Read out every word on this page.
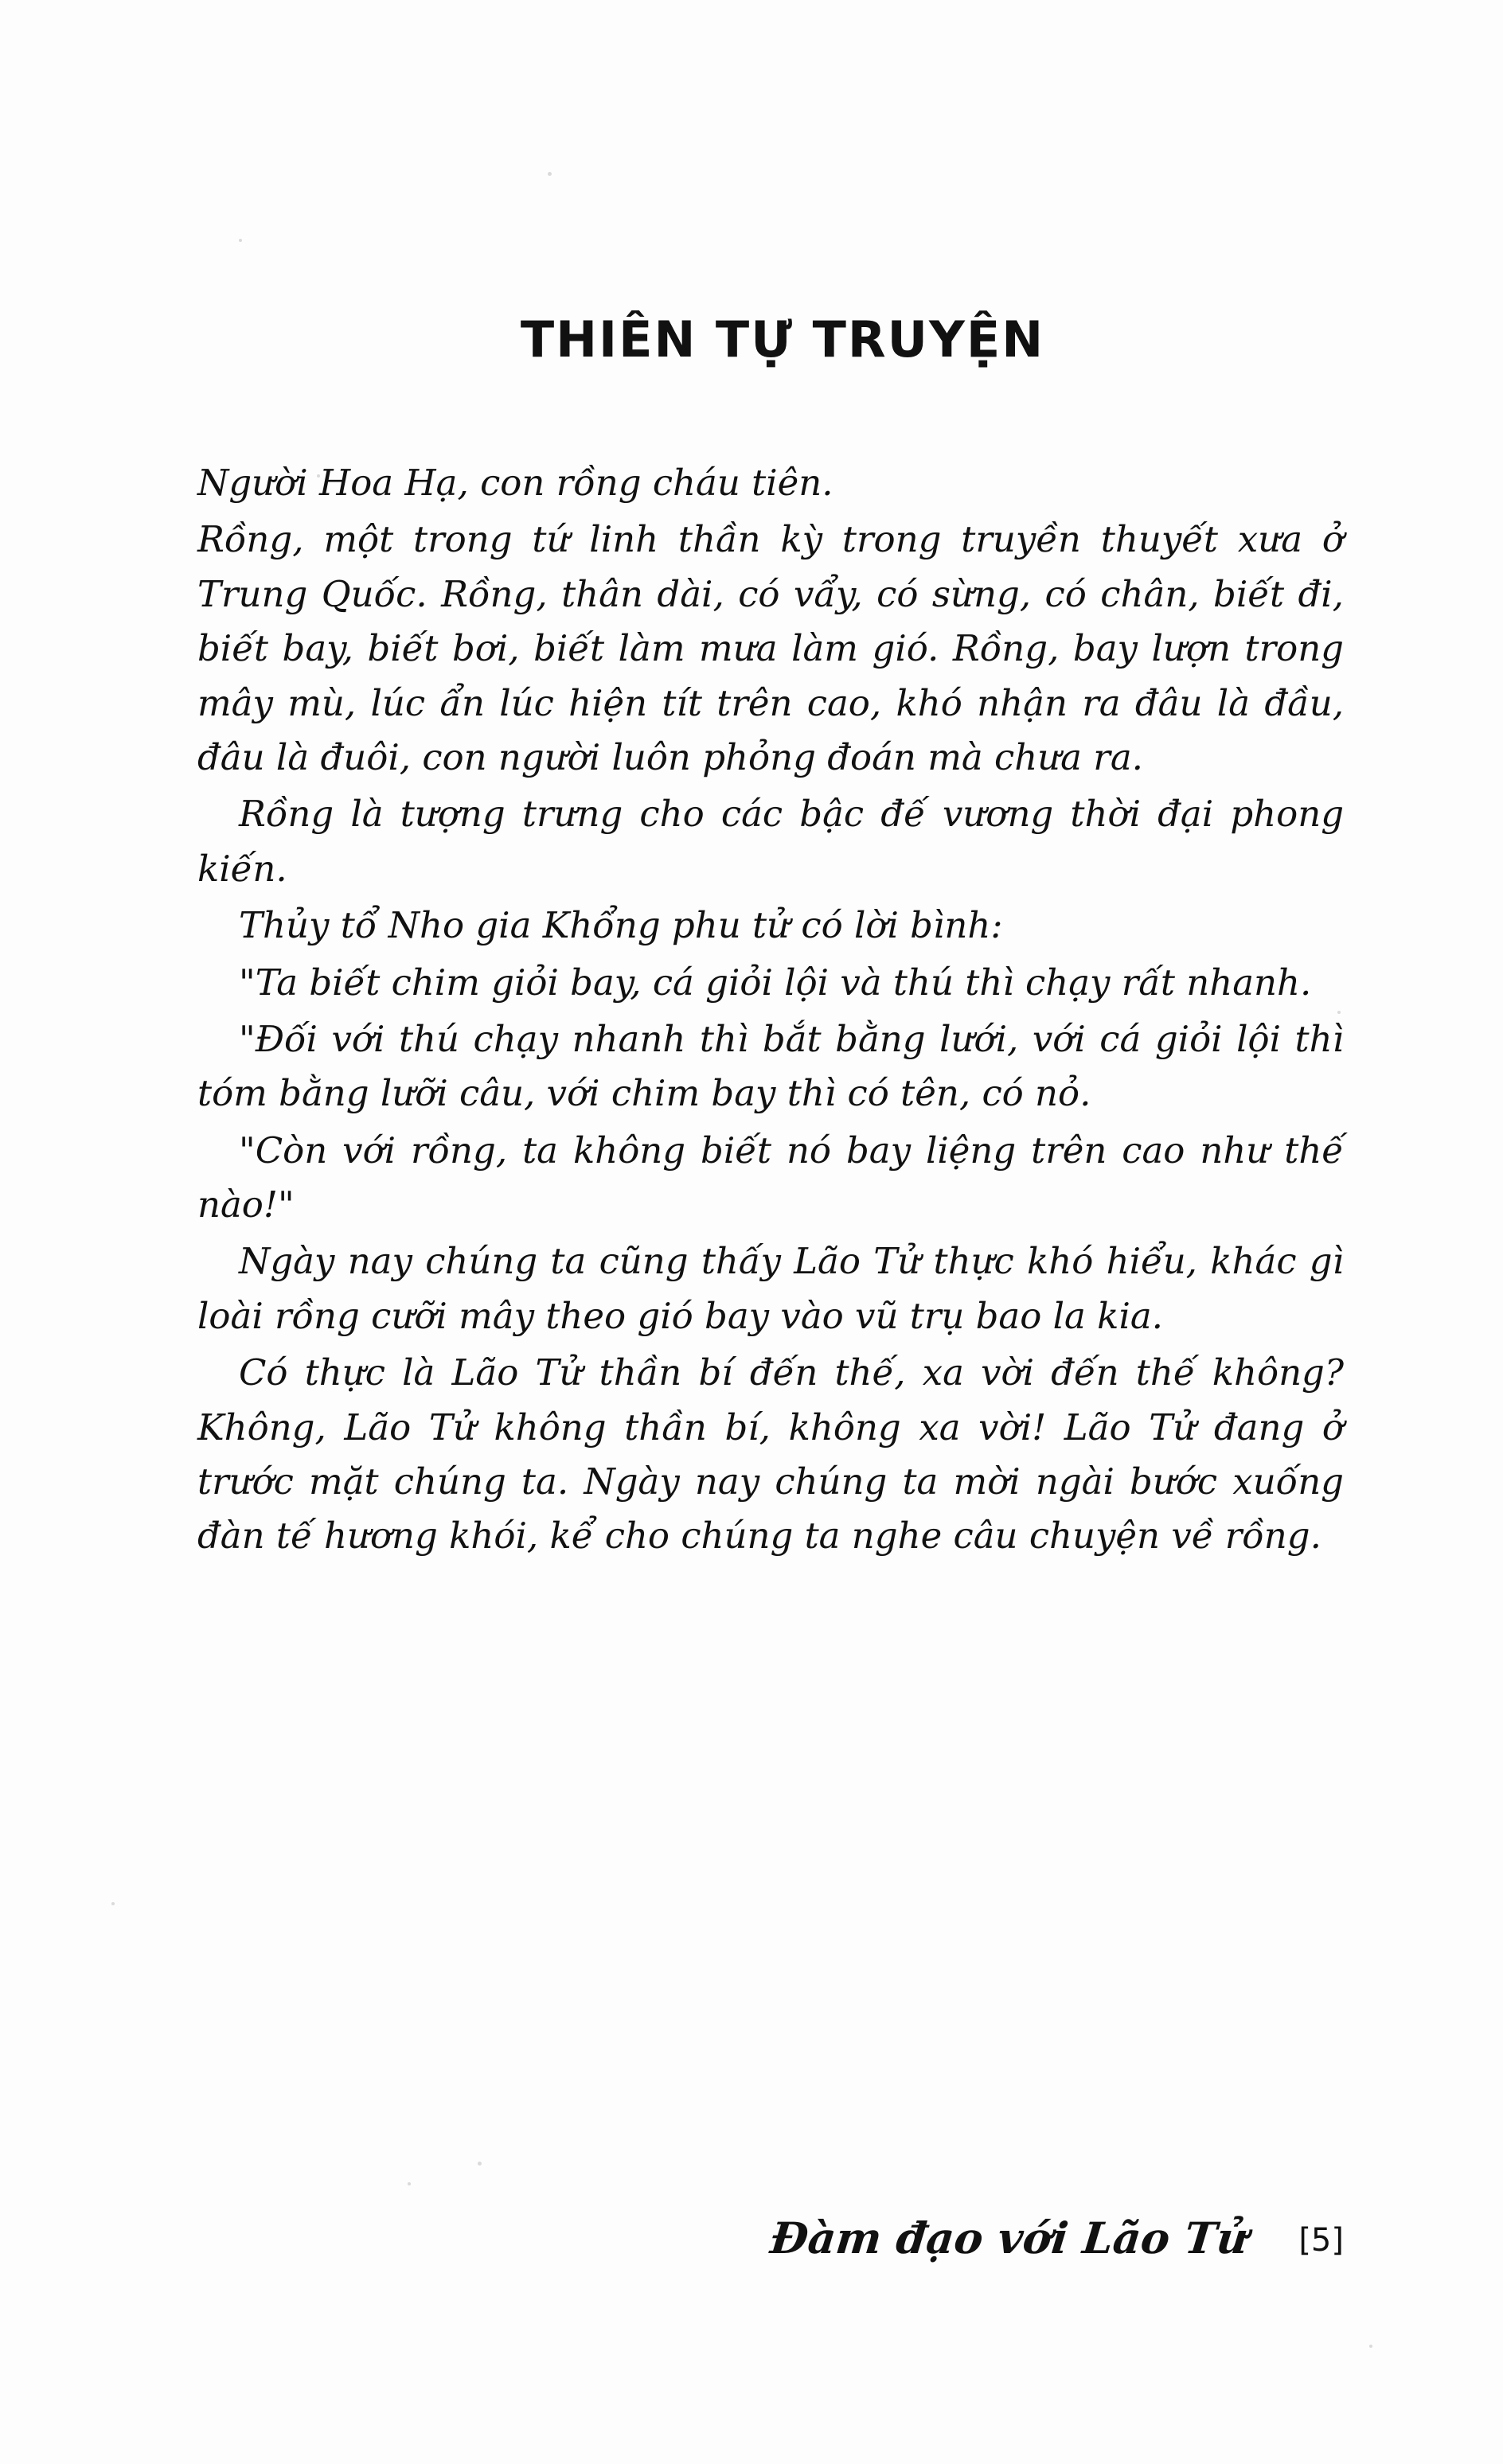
THIÊN TỰ TRUYỆN

Người Hoa Hạ, con rồng cháu tiên.

Rồng, một trong tứ linh thần kỳ trong truyền thuyết xưa ở Trung Quốc. Rồng, thân dài, có vẩy, có sừng, có chân, biết đi, biết bay, biết bơi, biết làm mưa làm gió. Rồng, bay lượn trong mây mù, lúc ẩn lúc hiện tít trên cao, khó nhận ra đâu là đầu, đâu là đuôi, con người luôn phỏng đoán mà chưa ra.

Rồng là tượng trưng cho các bậc đế vương thời đại phong kiến.

Thủy tổ Nho gia Khổng phu tử có lời bình:

"Ta biết chim giỏi bay, cá giỏi lội và thú thì chạy rất nhanh.

"Đối với thú chạy nhanh thì bắt bằng lưới, với cá giỏi lội thì tóm bằng lưỡi câu, với chim bay thì có tên, có nỏ.

"Còn với rồng, ta không biết nó bay liệng trên cao như thế nào!"

Ngày nay chúng ta cũng thấy Lão Tử thực khó hiểu, khác gì loài rồng cưỡi mây theo gió bay vào vũ trụ bao la kia.

Có thực là Lão Tử thần bí đến thế, xa vời đến thế không? Không, Lão Tử không thần bí, không xa vời! Lão Tử đang ở trước mặt chúng ta. Ngày nay chúng ta mời ngài bước xuống đàn tế hương khói, kể cho chúng ta nghe câu chuyện về rồng.

Đàm đạo với Lão Tử [5]
